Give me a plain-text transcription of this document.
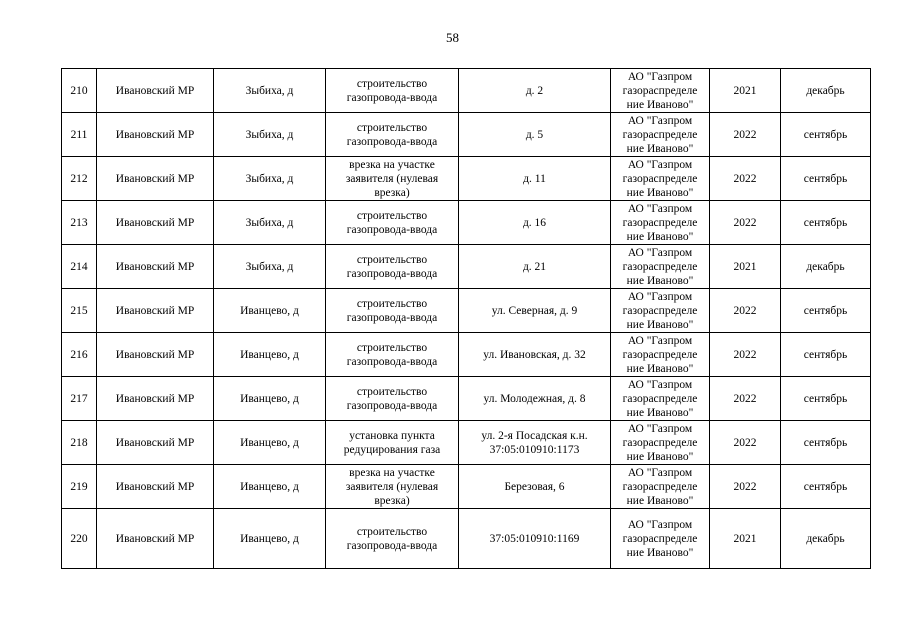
58
210	Ивановский МР	Зыбиха, д	строительство
газопровода-ввода	д. 2	АО "Газпром
газораспределе
ние Иваново"	2021	декабрь
211	Ивановский МР	Зыбиха, д	строительство
газопровода-ввода	д. 5	АО "Газпром
газораспределе
ние Иваново"	2022	сентябрь
212	Ивановский МР	Зыбиха, д	врезка на участке
заявителя (нулевая
врезка)	д. 11	АО "Газпром
газораспределе
ние Иваново"	2022	сентябрь
213	Ивановский МР	Зыбиха, д	строительство
газопровода-ввода	д. 16	АО "Газпром
газораспределе
ние Иваново"	2022	сентябрь
214	Ивановский МР	Зыбиха, д	строительство
газопровода-ввода	д. 21	АО "Газпром
газораспределе
ние Иваново"	2021	декабрь
215	Ивановский МР	Иванцево, д	строительство
газопровода-ввода	ул. Северная, д. 9	АО "Газпром
газораспределе
ние Иваново"	2022	сентябрь
216	Ивановский МР	Иванцево, д	строительство
газопровода-ввода	ул. Ивановская, д. 32	АО "Газпром
газораспределе
ние Иваново"	2022	сентябрь
217	Ивановский МР	Иванцево, д	строительство
газопровода-ввода	ул. Молодежная, д. 8	АО "Газпром
газораспределе
ние Иваново"	2022	сентябрь
218	Ивановский МР	Иванцево, д	установка пункта
редуцирования газа	ул. 2-я Посадская к.н.
37:05:010910:1173	АО "Газпром
газораспределе
ние Иваново"	2022	сентябрь
219	Ивановский МР	Иванцево, д	врезка на участке
заявителя (нулевая
врезка)	Березовая, 6	АО "Газпром
газораспределе
ние Иваново"	2022	сентябрь
220	Ивановский МР	Иванцево, д	строительство
газопровода-ввода	37:05:010910:1169	АО "Газпром
газораспределе
ние Иваново"	2021	декабрь
